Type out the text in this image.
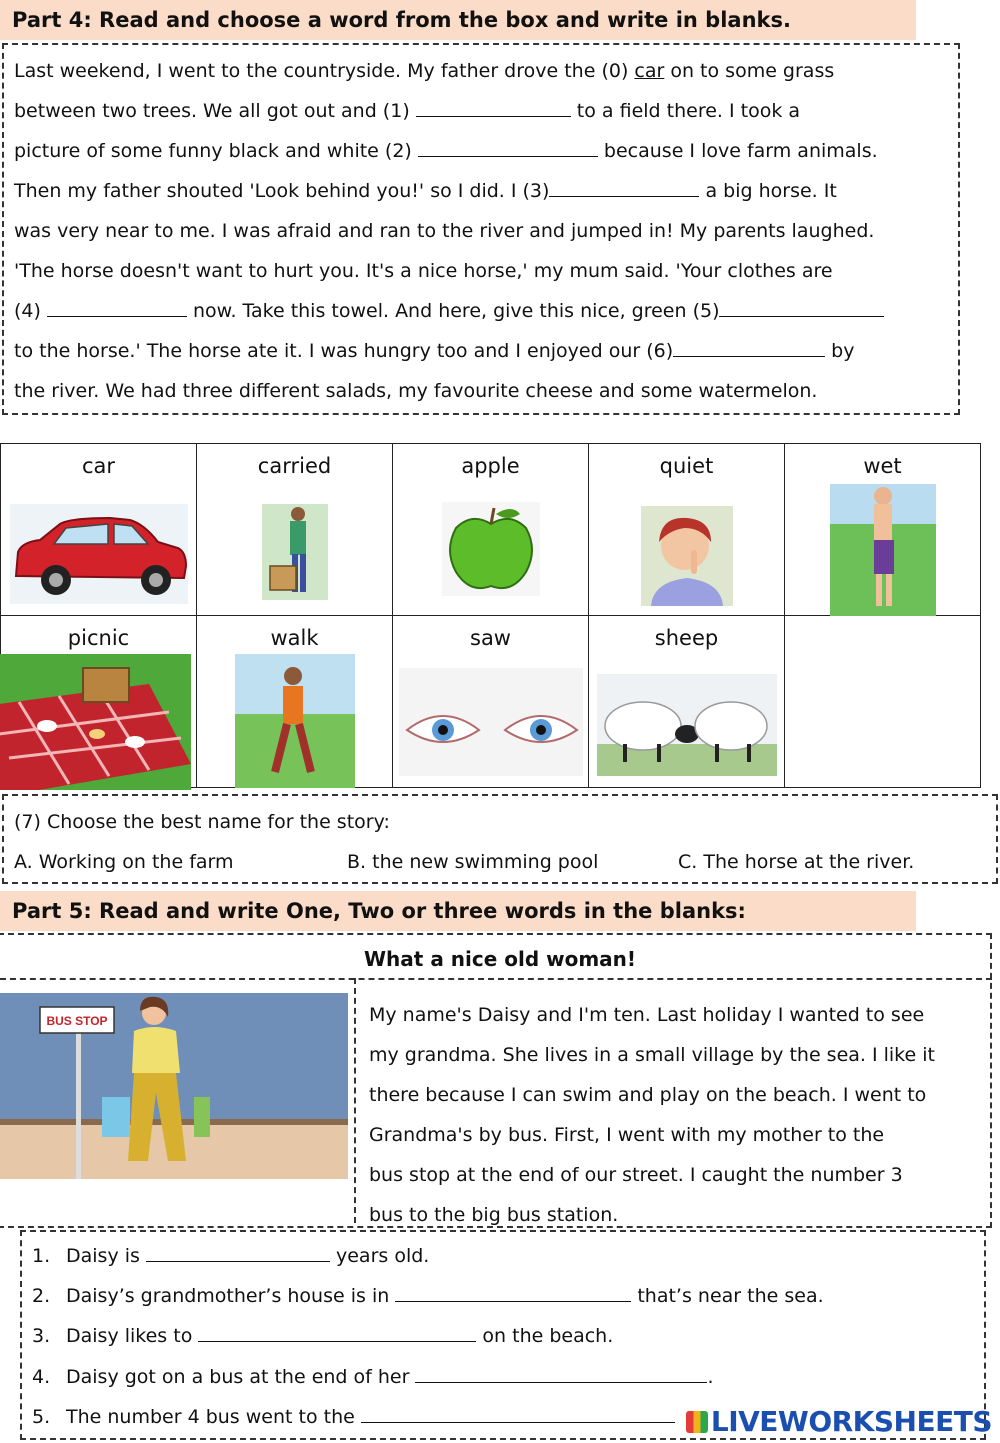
Part 4: Read and choose a word from the box and write in blanks.
Last weekend, I went to the countryside. My father drove the (0) car on to some grass
between two trees. We all got out and (1)	to a field there. I took a
picture of some funny black and white (2)	because I love farm animals.
Then my father shouted 'Look behind you!' so I did. I (3)	a big horse. It
was very near to me. I was afraid and ran to the river and jumped in! My parents laughed.
'The horse doesn't want to hurt you. It's a nice horse,' my mum said. 'Your clothes are
(4)	now. Take this towel. And here, give this nice, green (5)
to the horse.' The horse ate it. I was hungry too and I enjoyed our (6)	by
the river. We had three different salads, my favourite cheese and some watermelon.
car	carried	apple	quiet	wet

picnic	walk	saw	sheep	

(7) Choose the best name for the story:
A. Working on the farm	B. the new swimming pool	C. The horse at the river.
Part 5: Read and write One, Two or three words in the blanks:
What a nice old woman!
BUS STOP	My name's Daisy and I'm ten. Last holiday I wanted to see
my grandma. She lives in a small village by the sea. I like it
there because I can swim and play on the beach. I went to
Grandma's by bus. First, I went with my mother to the
bus stop at the end of our street. I caught the number 3
bus to the big bus station.
1. Daisy is	years old.
2. Daisy’s grandmother’s house is in	that’s near the sea.
3. Daisy likes to	on the beach.
4. Daisy got on a bus at the end of her	.
5. The number 4 bus went to the	LIVEWORKSHEETS
